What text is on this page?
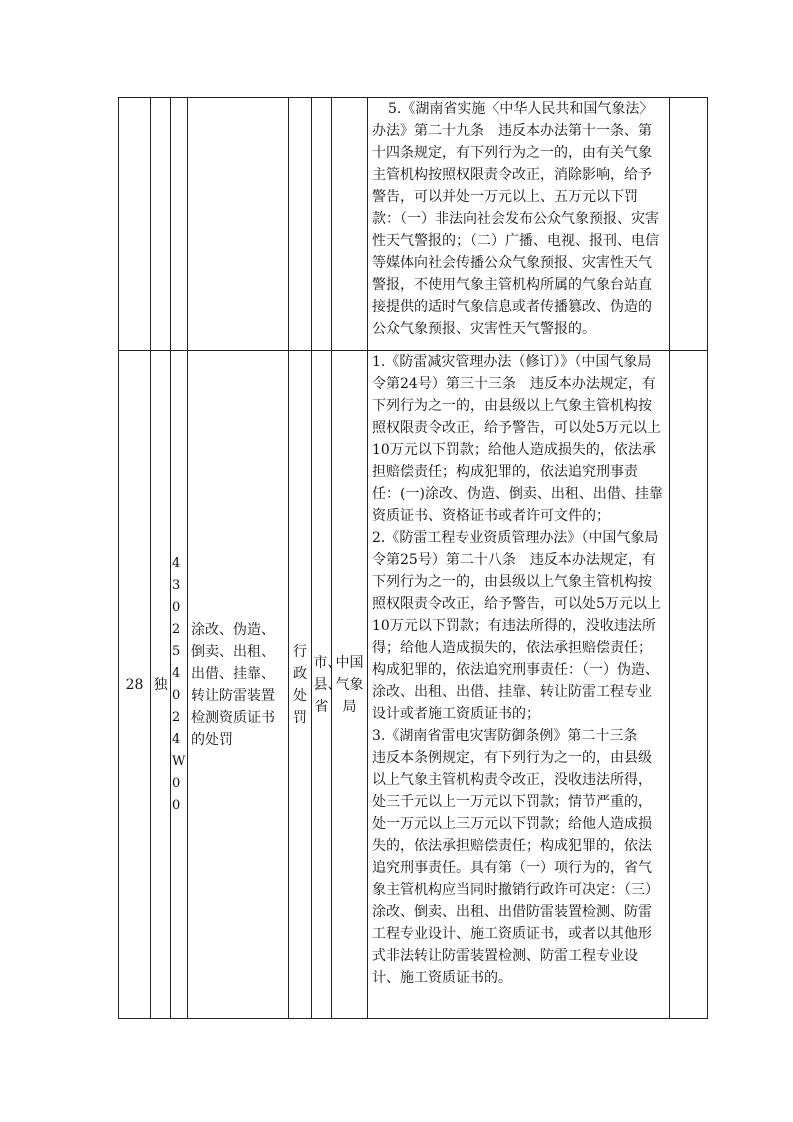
							5.《湖南省实施〈中华人民共和国气象法〉办法》第二十九条　违反本办法第十一条、第十四条规定，有下列行为之一的，由有关气象主管机构按照权限责令改正，消除影响，给予警告，可以并处一万元以上、五万元以下罚款：（一）非法向社会发布公众气象预报、灾害性天气警报的；（二）广播、电视、报刊、电信等媒体向社会传播公众气象预报、灾害性天气警报，不使用气象主管机构所属的气象台站直接提供的适时气象信息或者传播篡改、伪造的公众气象预报、灾害性天气警报的。	

28	独	430254024W00	涂改、伪造、倒卖、出租、出借、挂靠、转让防雷装置检测资质证书的处罚	行政处罚	市、县、省	中国气象局	1.《防雷减灾管理办法（修订）》（中国气象局令第24号）第三十三条　违反本办法规定，有下列行为之一的，由县级以上气象主管机构按照权限责令改正，给予警告，可以处5万元以上10万元以下罚款；给他人造成损失的，依法承担赔偿责任；构成犯罪的，依法追究刑事责任：(一)涂改、伪造、倒卖、出租、出借、挂靠资质证书、资格证书或者许可文件的；

2.《防雷工程专业资质管理办法》（中国气象局令第25号）第二十八条　违反本办法规定，有下列行为之一的，由县级以上气象主管机构按照权限责令改正，给予警告，可以处5万元以上10万元以下罚款；有违法所得的，没收违法所得；给他人造成损失的，依法承担赔偿责任；构成犯罪的，依法追究刑事责任：（一）伪造、涂改、出租、出借、挂靠、转让防雷工程专业设计或者施工资质证书的；

3.《湖南省雷电灾害防御条例》第二十三条　违反本条例规定，有下列行为之一的，由县级以上气象主管机构责令改正，没收违法所得，处三千元以上一万元以下罚款；情节严重的，处一万元以上三万元以下罚款；给他人造成损失的，依法承担赔偿责任；构成犯罪的，依法追究刑事责任。具有第（一）项行为的，省气象主管机构应当同时撤销行政许可决定：（三）涂改、倒卖、出租、出借防雷装置检测、防雷工程专业设计、施工资质证书，或者以其他形式非法转让防雷装置检测、防雷工程专业设计、施工资质证书的。	
